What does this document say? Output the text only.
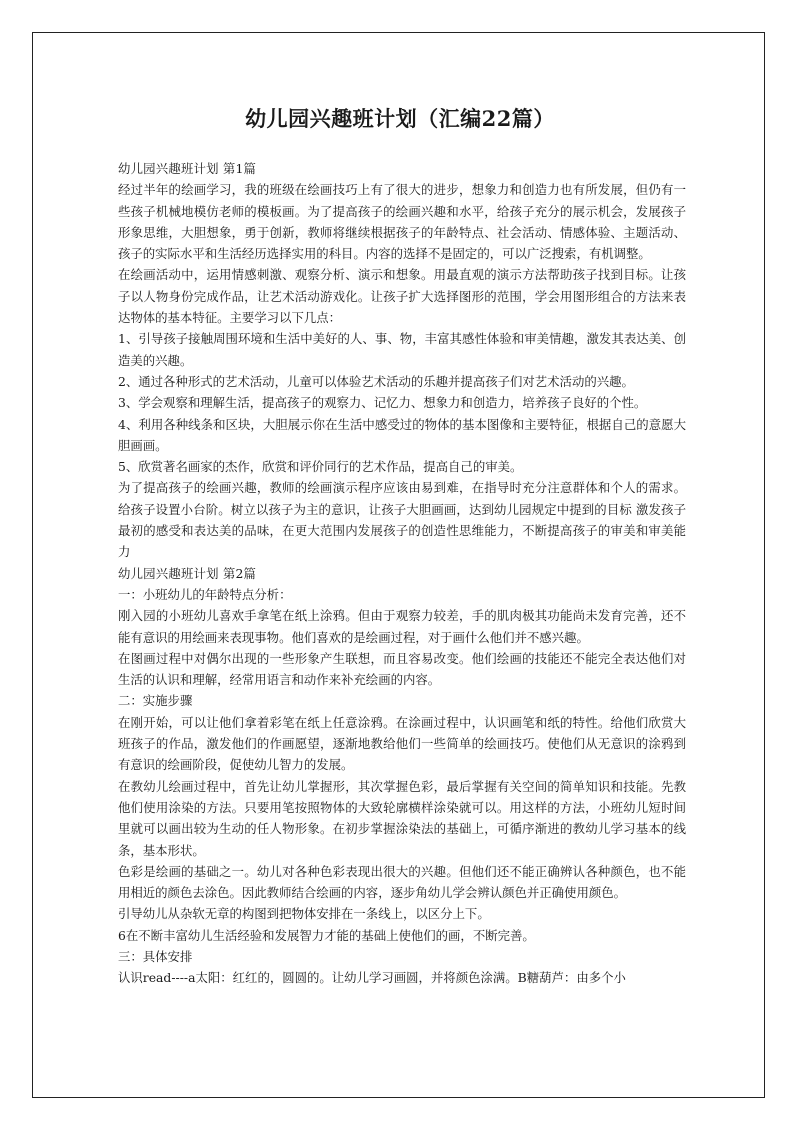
幼儿园兴趣班计划（汇编22篇）

幼儿园兴趣班计划 第1篇

经过半年的绘画学习，我的班级在绘画技巧上有了很大的进步，想象力和创造力也有所发展，但仍有一些孩子机械地模仿老师的模板画。为了提高孩子的绘画兴趣和水平，给孩子充分的展示机会，发展孩子形象思维，大胆想象，勇于创新，教师将继续根据孩子的年龄特点、社会活动、情感体验、主题活动、孩子的实际水平和生活经历选择实用的科目。内容的选择不是固定的，可以广泛搜索，有机调整。

在绘画活动中，运用情感刺激、观察分析、演示和想象。用最直观的演示方法帮助孩子找到目标。让孩子以人物身份完成作品，让艺术活动游戏化。让孩子扩大选择图形的范围，学会用图形组合的方法来表达物体的基本特征。主要学习以下几点：

1、引导孩子接触周围环境和生活中美好的人、事、物，丰富其感性体验和审美情趣，激发其表达美、创造美的兴趣。

2、通过各种形式的艺术活动，儿童可以体验艺术活动的乐趣并提高孩子们对艺术活动的兴趣。

3、学会观察和理解生活，提高孩子的观察力、记忆力、想象力和创造力，培养孩子良好的个性。

4、利用各种线条和区块，大胆展示你在生活中感受过的物体的基本图像和主要特征，根据自己的意愿大胆画画。

5、欣赏著名画家的杰作，欣赏和评价同行的艺术作品，提高自己的审美。

为了提高孩子的绘画兴趣，教师的绘画演示程序应该由易到难，在指导时充分注意群体和个人的需求。给孩子设置小台阶。树立以孩子为主的意识，让孩子大胆画画，达到幼儿园规定中提到的目标 激发孩子最初的感受和表达美的品味，在更大范围内发展孩子的创造性思维能力，不断提高孩子的审美和审美能力

幼儿园兴趣班计划 第2篇

一：小班幼儿的年龄特点分析：

刚入园的小班幼儿喜欢手拿笔在纸上涂鸦。但由于观察力较差，手的肌肉极其功能尚未发育完善，还不能有意识的用绘画来表现事物。他们喜欢的是绘画过程，对于画什么他们并不感兴趣。

在图画过程中对偶尔出现的一些形象产生联想，而且容易改变。他们绘画的技能还不能完全表达他们对生活的认识和理解，经常用语言和动作来补充绘画的内容。

二：实施步骤

在刚开始，可以让他们拿着彩笔在纸上任意涂鸦。在涂画过程中，认识画笔和纸的特性。给他们欣赏大班孩子的作品，激发他们的作画愿望，逐渐地教给他们一些简单的绘画技巧。使他们从无意识的涂鸦到有意识的绘画阶段，促使幼儿智力的发展。

在教幼儿绘画过程中，首先让幼儿掌握形，其次掌握色彩，最后掌握有关空间的简单知识和技能。先教他们使用涂染的方法。只要用笔按照物体的大致轮廓横样涂染就可以。用这样的方法，小班幼儿短时间里就可以画出较为生动的任人物形象。在初步掌握涂染法的基础上，可循序渐进的教幼儿学习基本的线条，基本形状。

色彩是绘画的基础之一。幼儿对各种色彩表现出很大的兴趣。但他们还不能正确辨认各种颜色，也不能用相近的颜色去涂色。因此教师结合绘画的内容，逐步角幼儿学会辨认颜色并正确使用颜色。

引导幼儿从杂软无章的构图到把物体安排在一条线上，以区分上下。

6在不断丰富幼儿生活经验和发展智力才能的基础上使他们的画，不断完善。

三：具体安排

认识read----a太阳：红红的，圆圆的。让幼儿学习画圆，并将颜色涂满。B糖葫芦：由多个小
